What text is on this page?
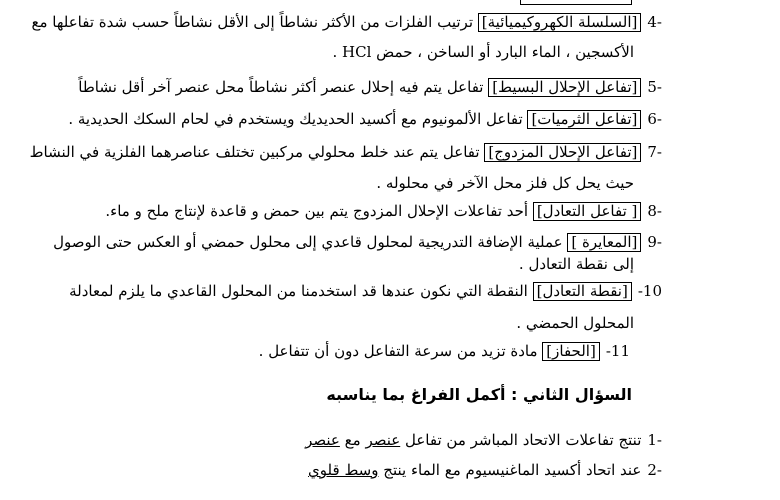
-4[السلسلة الكهروكيميائية] ترتيب الفلزات من الأكثر نشاطاً إلى الأقل نشاطاً حسب شدة تفاعلها مع
الأكسجين ، الماء البارد أو الساخن ، حمض HCl .
-5[تفاعل الإحلال البسيط] تفاعل يتم فيه إحلال عنصر أكثر نشاطاً محل عنصر آخر أقل نشاطاً
-6[تفاعل الثرميات] تفاعل الألمونيوم مع أكسيد الحديديك ويستخدم في لحام السكك الحديدية .
-7[تفاعل الإحلال المزدوج] تفاعل يتم عند خلط محلولي مركبين تختلف عناصرهما الفلزية في النشاط
حيث يحل كل فلز محل الآخر في محلوله .
-8[ تفاعل التعادل] أحد تفاعلات الإحلال المزدوج يتم بين حمض و قاعدة لإنتاج ملح و ماء.
-9[المعايرة ] عملية الإضافة التدريجية لمحلول قاعدي إلى محلول حمضي أو العكس حتى الوصول
إلى نقطة التعادل .
10-[نقطة التعادل] النقطة التي نكون عندها قد استخدمنا من المحلول القاعدي ما يلزم لمعادلة
المحلول الحمضي .
11-[الحفاز] مادة تزيد من سرعة التفاعل دون أن تتفاعل .
السؤال الثاني : أكمل الفراغ بما يناسبه
-1تنتج تفاعلات الاتحاد المباشر من تفاعل عنصر مع عنصر
-2عند اتحاد أكسيد الماغنيسيوم مع الماء ينتج وسط قلوي
